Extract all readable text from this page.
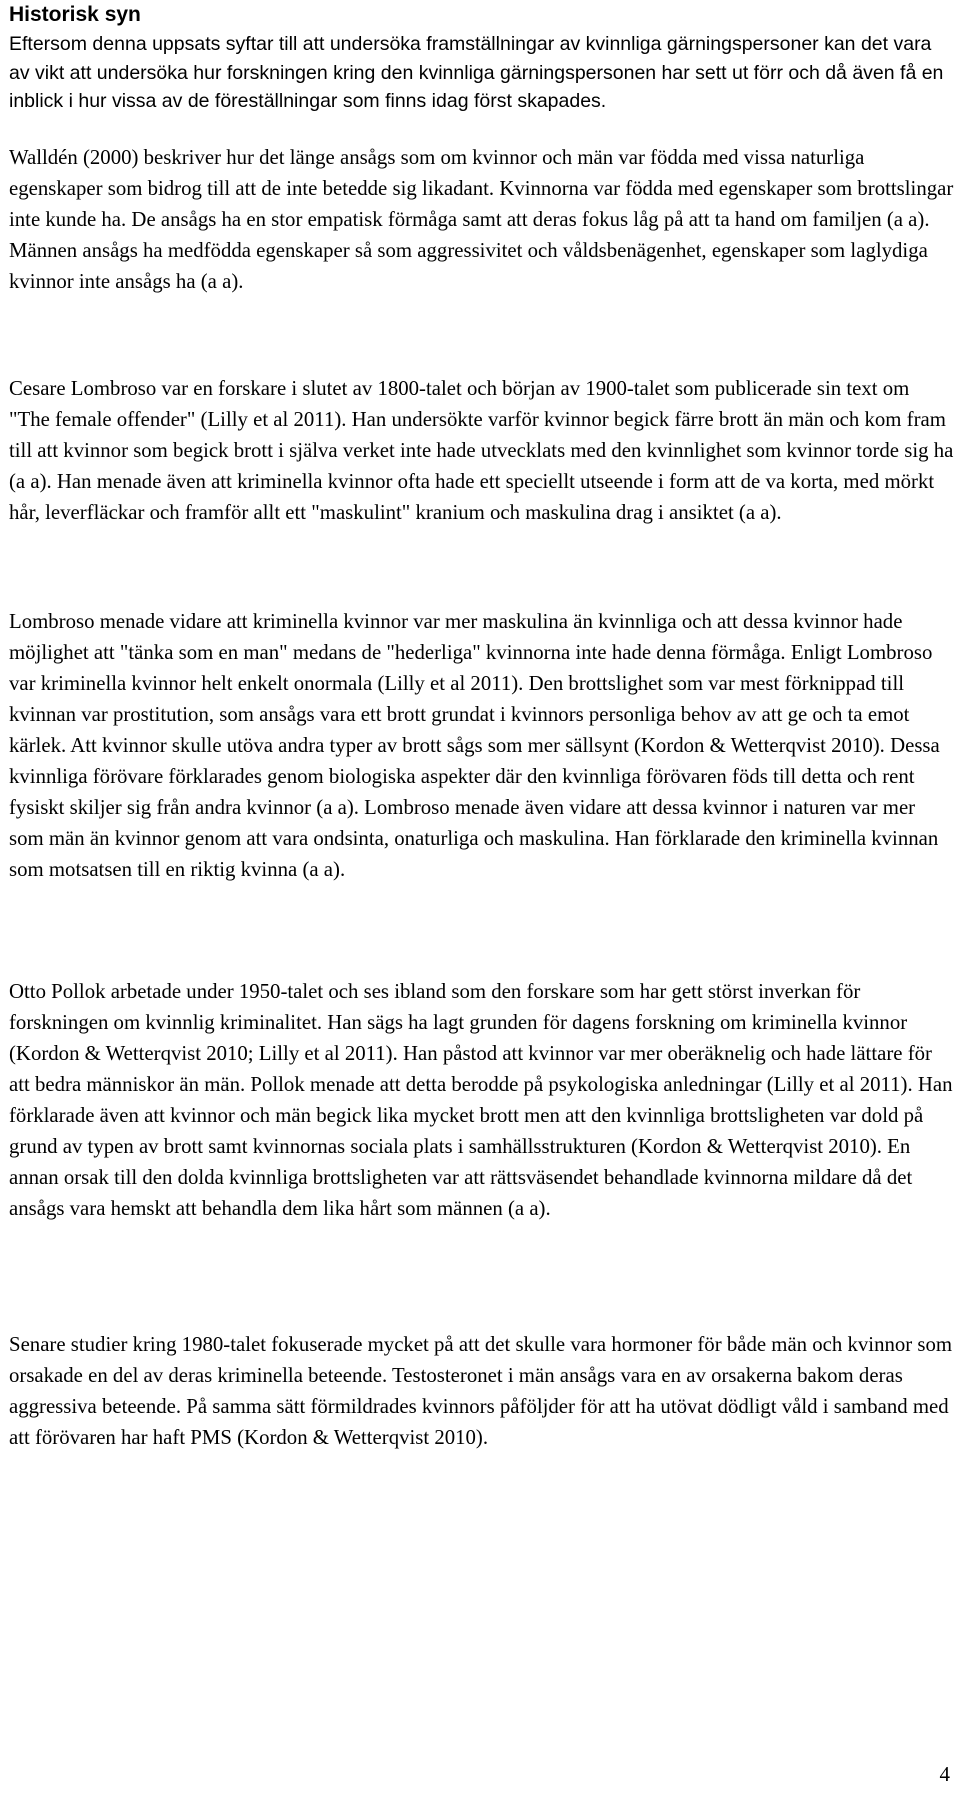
Historisk syn

Eftersom denna uppsats syftar till att undersöka framställningar av kvinnliga gärningspersoner kan det vara av vikt att undersöka hur forskningen kring den kvinnliga gärningspersonen har sett ut förr och då även få en inblick i hur vissa av de föreställningar som finns idag först skapades.

Walldén (2000) beskriver hur det länge ansågs som om kvinnor och män var födda med vissa naturliga egenskaper som bidrog till att de inte betedde sig likadant. Kvinnorna var födda med egenskaper som brottslingar inte kunde ha. De ansågs ha en stor empatisk förmåga samt att deras fokus låg på att ta hand om familjen (a a). Männen ansågs ha medfödda egenskaper så som aggressivitet och våldsbenägenhet, egenskaper som laglydiga kvinnor inte ansågs ha (a a).

Cesare Lombroso var en forskare i slutet av 1800-talet och början av 1900-talet som publicerade sin text om "The female offender" (Lilly et al 2011). Han undersökte varför kvinnor begick färre brott än män och kom fram till att kvinnor som begick brott i själva verket inte hade utvecklats med den kvinnlighet som kvinnor torde sig ha (a a). Han menade även att kriminella kvinnor ofta hade ett speciellt utseende i form att de va korta, med mörkt hår, leverfläckar och framför allt ett "maskulint" kranium och maskulina drag i ansiktet (a a).

Lombroso menade vidare att kriminella kvinnor var mer maskulina än kvinnliga och att dessa kvinnor hade möjlighet att "tänka som en man" medans de "hederliga" kvinnorna inte hade denna förmåga. Enligt Lombroso var kriminella kvinnor helt enkelt onormala (Lilly et al 2011). Den brottslighet som var mest förknippad till kvinnan var prostitution, som ansågs vara ett brott grundat i kvinnors personliga behov av att ge och ta emot kärlek. Att kvinnor skulle utöva andra typer av brott sågs som mer sällsynt (Kordon & Wetterqvist 2010). Dessa kvinnliga förövare förklarades genom biologiska aspekter där den kvinnliga förövaren föds till detta och rent fysiskt skiljer sig från andra kvinnor (a a). Lombroso menade även vidare att dessa kvinnor i naturen var mer som män än kvinnor genom att vara ondsinta, onaturliga och maskulina. Han förklarade den kriminella kvinnan som motsatsen till en riktig kvinna (a a).

Otto Pollok arbetade under 1950-talet och ses ibland som den forskare som har gett störst inverkan för forskningen om kvinnlig kriminalitet. Han sägs ha lagt grunden för dagens forskning om kriminella kvinnor (Kordon & Wetterqvist 2010; Lilly et al 2011). Han påstod att kvinnor var mer oberäknelig och hade lättare för att bedra människor än män. Pollok menade att detta berodde på psykologiska anledningar (Lilly et al 2011). Han förklarade även att kvinnor och män begick lika mycket brott men att den kvinnliga brottsligheten var dold på grund av typen av brott samt kvinnornas sociala plats i samhällsstrukturen (Kordon & Wetterqvist 2010). En annan orsak till den dolda kvinnliga brottsligheten var att rättsväsendet behandlade kvinnorna mildare då det ansågs vara hemskt att behandla dem lika hårt som männen (a a).

Senare studier kring 1980-talet fokuserade mycket på att det skulle vara hormoner för både män och kvinnor som orsakade en del av deras kriminella beteende. Testosteronet i män ansågs vara en av orsakerna bakom deras aggressiva beteende. På samma sätt förmildrades kvinnors påföljder för att ha utövat dödligt våld i samband med att förövaren har haft PMS (Kordon & Wetterqvist 2010).

4
